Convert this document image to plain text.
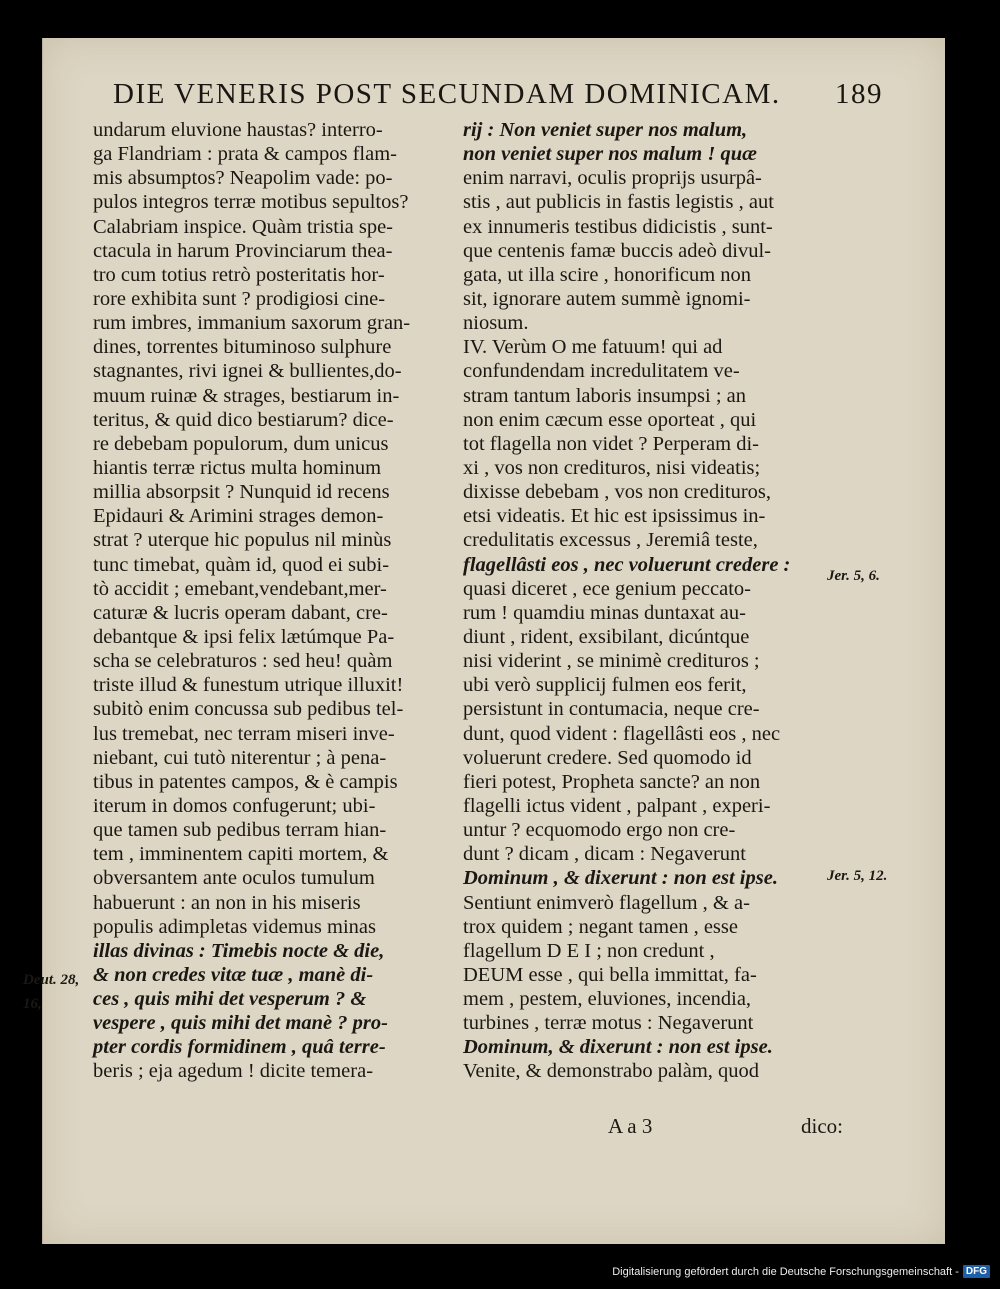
DIE VENERIS POST SECUNDAM DOMINICAM. 189
undarum eluvione haustas? interro-
ga Flandriam : prata & campos flam-
mis absumptos? Neapolim vade: po-
pulos integros terræ motibus sepultos?
Calabriam inspice. Quàm tristia spe-
ctacula in harum Provinciarum thea-
tro cum totius retrò posteritatis hor-
rore exhibita sunt ? prodigiosi cine-
rum imbres, immanium saxorum gran-
dines, torrentes bituminoso sulphure
stagnantes, rivi ignei & bullientes,do-
muum ruinæ & strages, bestiarum in-
teritus, & quid dico bestiarum? dice-
re debebam populorum, dum unicus
hiantis terræ rictus multa hominum
millia absorpsit ? Nunquid id recens
Epidauri & Arimini strages demon-
strat ? uterque hic populus nil minùs
tunc timebat, quàm id, quod ei subi-
tò accidit ; emebant,vendebant,mer-
caturæ & lucris operam dabant, cre-
debantque & ipsi felix lætúmque Pa-
scha se celebraturos : sed heu! quàm
triste illud & funestum utrique illuxit!
subitò enim concussa sub pedibus tel-
lus tremebat, nec terram miseri inve-
niebant, cui tutò niterentur ; à pena-
tibus in patentes campos, & è campis
iterum in domos confugerunt; ubi-
que tamen sub pedibus terram hian-
tem , imminentem capiti mortem, &
obversantem ante oculos tumulum
habuerunt : an non in his miseris
populis adimpletas videmus minas
illas divinas : Timebis nocte & die,
& non credes vitæ tuæ , manè di-
ces , quis mihi det vesperum ? &
vespere , quis mihi det manè ? pro-
pter cordis formidinem , quâ terre-
beris ; eja agedum ! dicite temera-
rij : Non veniet super nos malum,
non veniet super nos malum ! quæ
enim narravi, oculis proprijs usurpâ-
stis , aut publicis in fastis legistis , aut
ex innumeris testibus didicistis , sunt-
que centenis famæ buccis adeò divul-
gata, ut illa scire , honorificum non
sit, ignorare autem summè ignomi-
niosum.
IV. Verùm O me fatuum! qui ad
confundendam incredulitatem ve-
stram tantum laboris insumpsi ; an
non enim cæcum esse oporteat , qui
tot flagella non videt ? Perperam di-
xi , vos non credituros, nisi videatis;
dixisse debebam , vos non credituros,
etsi videatis. Et hic est ipsissimus in-
credulitatis excessus , Jeremiâ teste,
flagellâsti eos , nec voluerunt credere :
quasi diceret , ece genium peccato-
rum ! quamdiu minas duntaxat au-
diunt , rident, exsibilant, dicúntque
nisi viderint , se minimè credituros ;
ubi verò supplicij fulmen eos ferit,
persistunt in contumacia, neque cre-
dunt, quod vident : flagellâsti eos , nec
voluerunt credere. Sed quomodo id
fieri potest, Propheta sancte? an non
flagelli ictus vident , palpant , experi-
untur ? ecquomodo ergo non cre-
dunt ? dicam , dicam : Negaverunt
Dominum , & dixerunt : non est ipse.
Sentiunt enimverò flagellum , & a-
trox quidem ; negant tamen , esse
flagellum D E I ; non credunt ,
DEUM esse , qui bella immittat, fa-
mem , pestem, eluviones, incendia,
turbines , terræ motus : Negaverunt
Dominum, & dixerunt : non est ipse.
Venite, & demonstrabo palàm, quod
Deut. 28,
16,
Jer. 5, 6.
Jer. 5, 12.
A a 3	dico:
Digitalisierung gefördert durch die Deutsche Forschungsgemeinschaft - DFG
